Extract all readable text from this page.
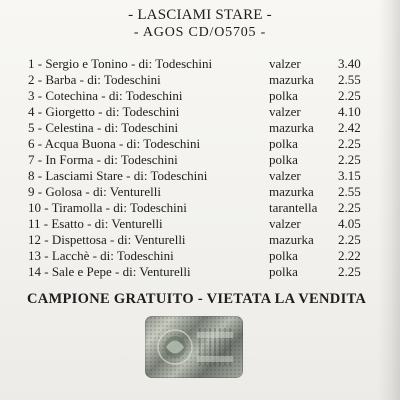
- LASCIAMI STARE -
- AGOS CD/O5705 -
1 - Sergio e Tonino - di: Todeschini	valzer	3.40
2 - Barba - di: Todeschini	mazurka 2.55
3 - Cotechina - di: Todeschini	polka	2.25
4 - Giorgetto - di: Todeschini	valzer	4.10
5 - Celestina - di: Todeschini	mazurka 2.42
6 - Acqua Buona - di: Todeschini	polka	2.25
7 - In Forma - di: Todeschini	polka	2.25
8 - Lasciami Stare - di: Todeschini	valzer	3.15
9 - Golosa - di: Venturelli	mazurka 2.55
10 - Tiramolla - di: Todeschini	tarantella 2.25
11 - Esatto - di: Venturelli	valzer	4.05
12 - Dispettosa - di: Venturelli	mazurka 2.25
13 - Lacchè - di: Todeschini	polka	2.22
14 - Sale e Pepe - di: Venturelli	polka	2.25
CAMPIONE GRATUITO - VIETATA LA VENDITA
